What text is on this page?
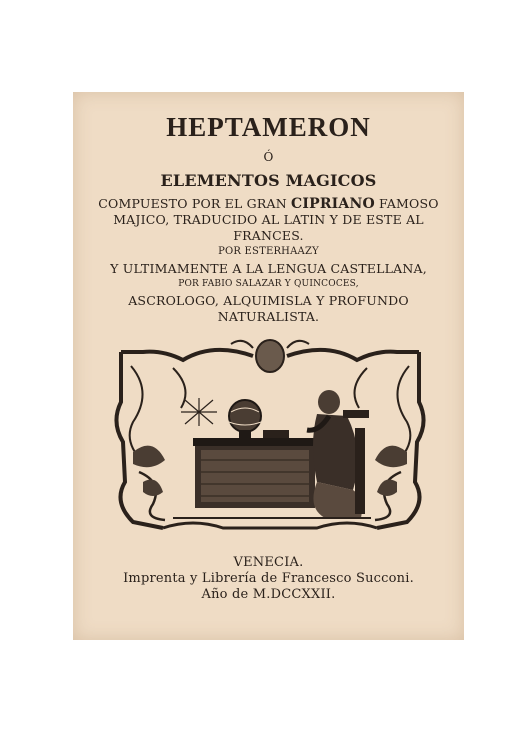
HEPTAMERON
Ó
ELEMENTOS MAGICOS
COMPUESTO POR EL GRAN CIPRIANO FAMOSO
MAJICO, TRADUCIDO AL LATIN Y DE ESTE AL
FRANCES.
POR ESTERHAAZY
Y ULTIMAMENTE A LA LENGUA CASTELLANA,
POR FABIO SALAZAR Y QUINCOCES,
ASCROLOGO, ALQUIMISLA Y PROFUNDO
NATURALISTA.
VENECIA.
Imprenta y Librería de Francesco Succoni.
Año de M.DCCXXII.
